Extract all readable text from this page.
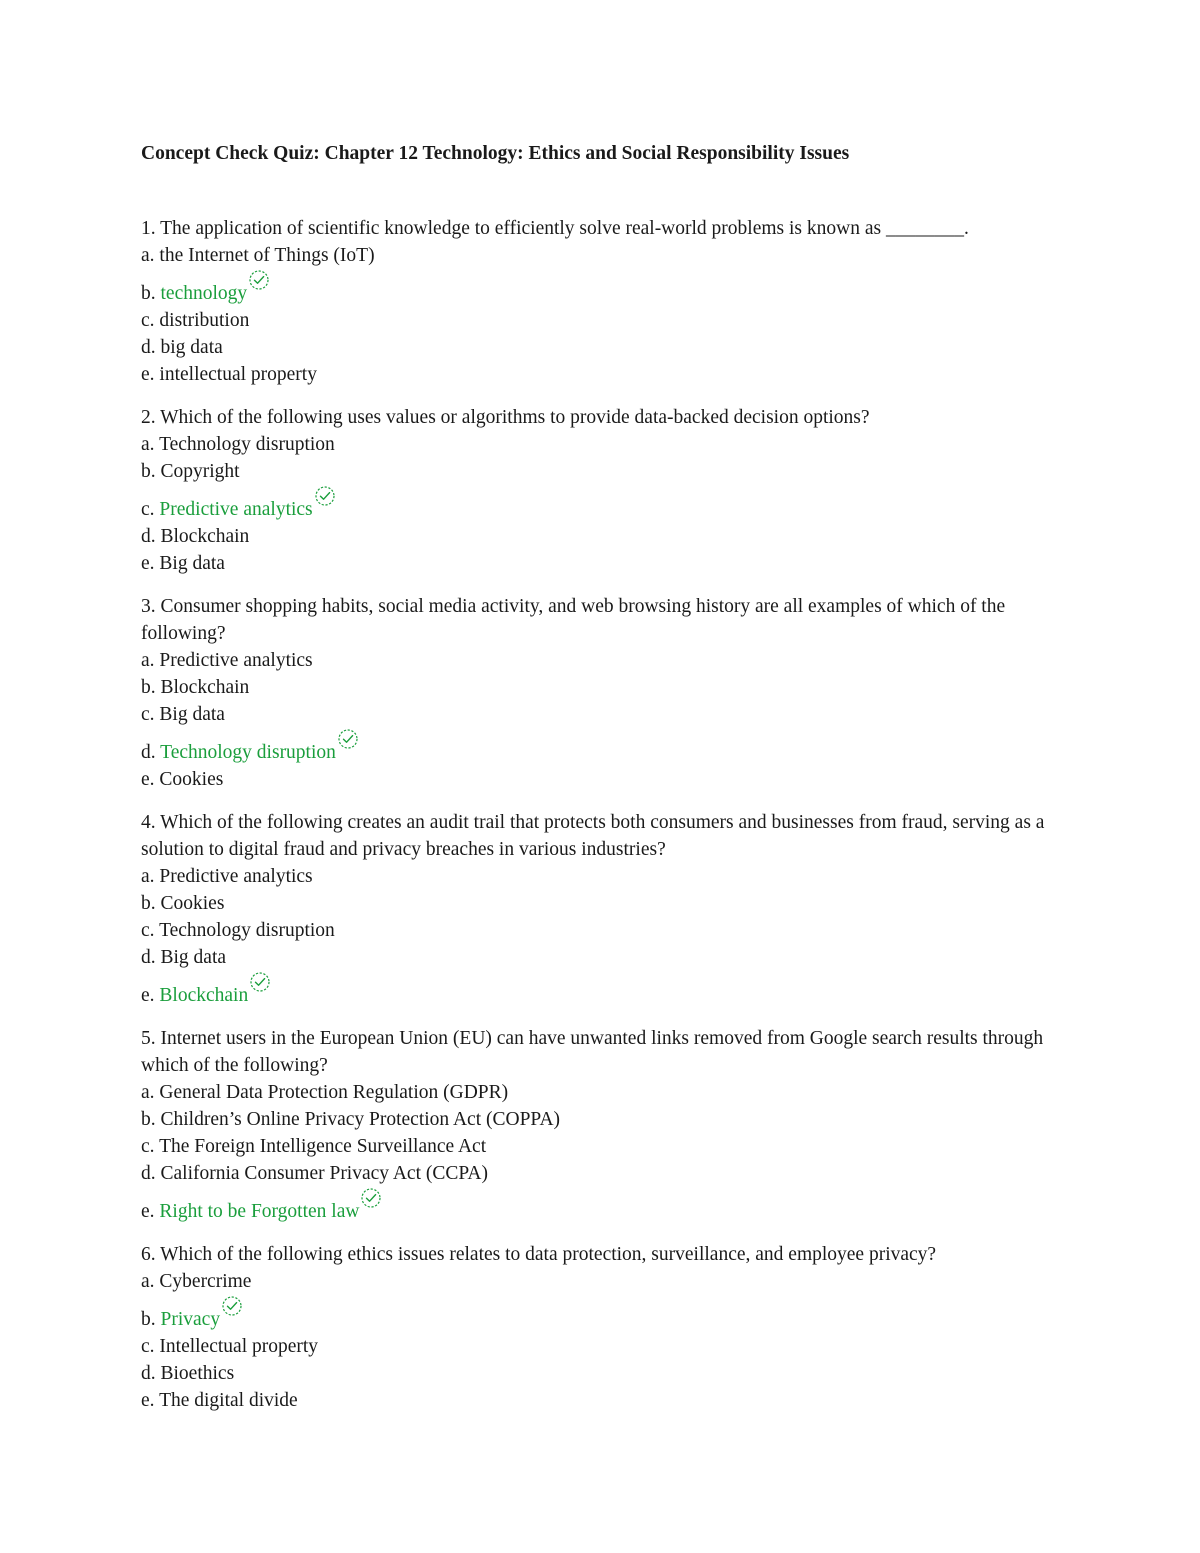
Concept Check Quiz: Chapter 12 Technology: Ethics and Social Responsibility Issues

1. The application of scientific knowledge to efficiently solve real-world problems is known as ________.

a. the Internet of Things (IoT)

b. technology

c. distribution

d. big data

e. intellectual property

2. Which of the following uses values or algorithms to provide data-backed decision options?

a. Technology disruption

b. Copyright

c. Predictive analytics

d. Blockchain

e. Big data

3. Consumer shopping habits, social media activity, and web browsing history are all examples of which of the following?

a. Predictive analytics

b. Blockchain

c. Big data

d. Technology disruption

e. Cookies

4. Which of the following creates an audit trail that protects both consumers and businesses from fraud, serving as a solution to digital fraud and privacy breaches in various industries?

a. Predictive analytics

b. Cookies

c. Technology disruption

d. Big data

e. Blockchain

5. Internet users in the European Union (EU) can have unwanted links removed from Google search results through which of the following?

a. General Data Protection Regulation (GDPR)

b. Children’s Online Privacy Protection Act (COPPA)

c. The Foreign Intelligence Surveillance Act

d. California Consumer Privacy Act (CCPA)

e. Right to be Forgotten law

6. Which of the following ethics issues relates to data protection, surveillance, and employee privacy?

a. Cybercrime

b. Privacy

c. Intellectual property

d. Bioethics

e. The digital divide
